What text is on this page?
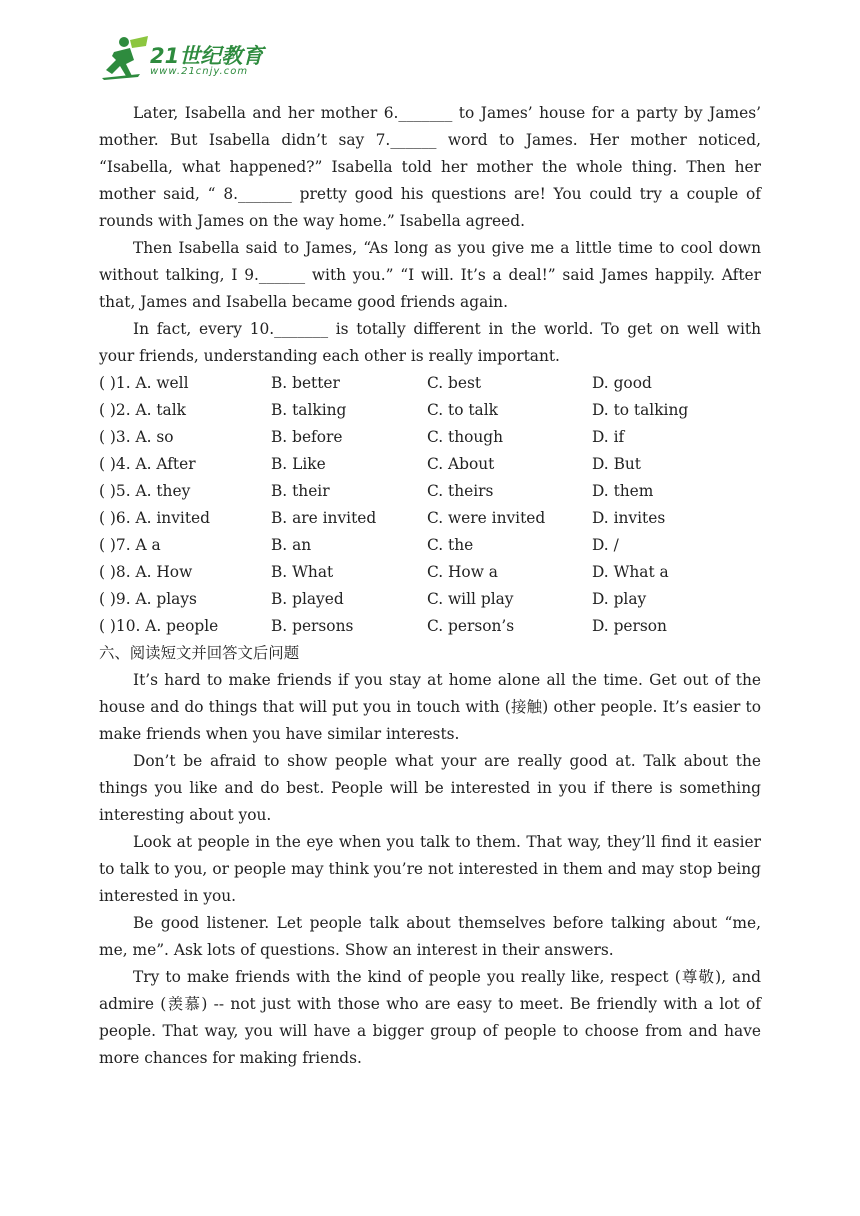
21世纪教育
www.21cnjy.com

Later, Isabella and her mother 6._______ to James’ house for a party by James’ mother. But Isabella didn’t say 7.______ word to James. Her mother noticed, “Isabella, what happened?” Isabella told her mother the whole thing. Then her mother said, “ 8._______ pretty good his questions are! You could try a couple of rounds with James on the way home.” Isabella agreed.

Then Isabella said to James, “As long as you give me a little time to cool down without talking, I 9.______ with you.” “I will. It’s a deal!” said James happily. After that, James and Isabella became good friends again.

In fact, every 10._______ is totally different in the world. To get on well with your friends, understanding each other is really important.

( )1. A. well	B. better	C. best	D. good
( )2. A. talk	B. talking	C. to talk	D. to talking
( )3. A. so	B. before	C. though	D. if
( )4. A. After	B. Like	C. About	D. But
( )5. A. they	B. their	C. theirs	D. them
( )6. A. invited	B. are invited	C. were invited	D. invites
( )7. A a	B. an	C. the	D. /
( )8. A. How	B. What	C. How a	D. What a
( )9. A. plays	B. played	C. will play	D. play
( )10. A. people	B. persons	C. person’s	D. person

六、阅读短文并回答文后问题

It’s hard to make friends if you stay at home alone all the time. Get out of the house and do things that will put you in touch with (接触) other people. It’s easier to make friends when you have similar interests.

Don’t be afraid to show people what your are really good at. Talk about the things you like and do best. People will be interested in you if there is something interesting about you.

Look at people in the eye when you talk to them. That way, they’ll find it easier to talk to you, or people may think you’re not interested in them and may stop being interested in you.

Be good listener. Let people talk about themselves before talking about “me, me, me”. Ask lots of questions. Show an interest in their answers.

Try to make friends with the kind of people you really like, respect (尊敬), and admire (羡慕) -- not just with those who are easy to meet. Be friendly with a lot of people. That way, you will have a bigger group of people to choose from and have more chances for making friends.
